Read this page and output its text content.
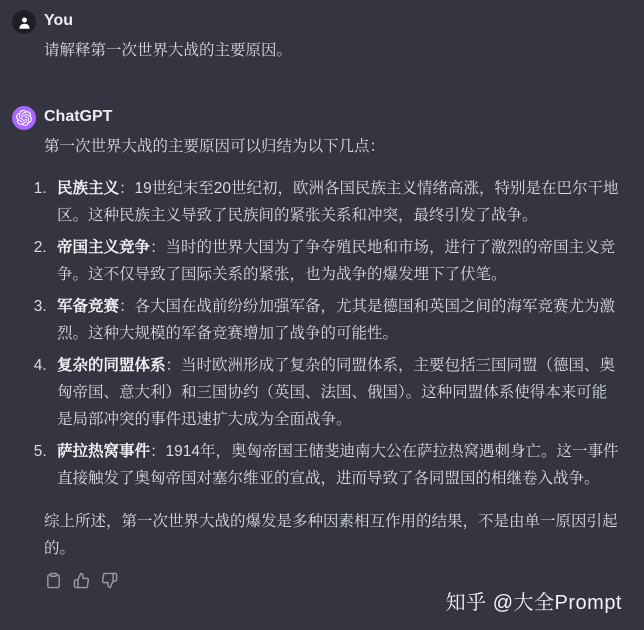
You

请解释第一次世界大战的主要原因。

ChatGPT

第一次世界大战的主要原因可以归结为以下几点：

1. 民族主义：19世纪末至20世纪初，欧洲各国民族主义情绪高涨，特别是在巴尔干地区。这种民族主义导致了民族间的紧张关系和冲突，最终引发了战争。
2. 帝国主义竞争：当时的世界大国为了争夺殖民地和市场，进行了激烈的帝国主义竞争。这不仅导致了国际关系的紧张，也为战争的爆发埋下了伏笔。
3. 军备竞赛：各大国在战前纷纷加强军备，尤其是德国和英国之间的海军竞赛尤为激烈。这种大规模的军备竞赛增加了战争的可能性。
4. 复杂的同盟体系：当时欧洲形成了复杂的同盟体系，主要包括三国同盟（德国、奥匈帝国、意大利）和三国协约（英国、法国、俄国）。这种同盟体系使得本来可能是局部冲突的事件迅速扩大成为全面战争。
5. 萨拉热窝事件：1914年，奥匈帝国王储斐迪南大公在萨拉热窝遇刺身亡。这一事件直接触发了奥匈帝国对塞尔维亚的宣战，进而导致了各同盟国的相继卷入战争。

综上所述，第一次世界大战的爆发是多种因素相互作用的结果，不是由单一原因引起的。

知乎 @大全Prompt
